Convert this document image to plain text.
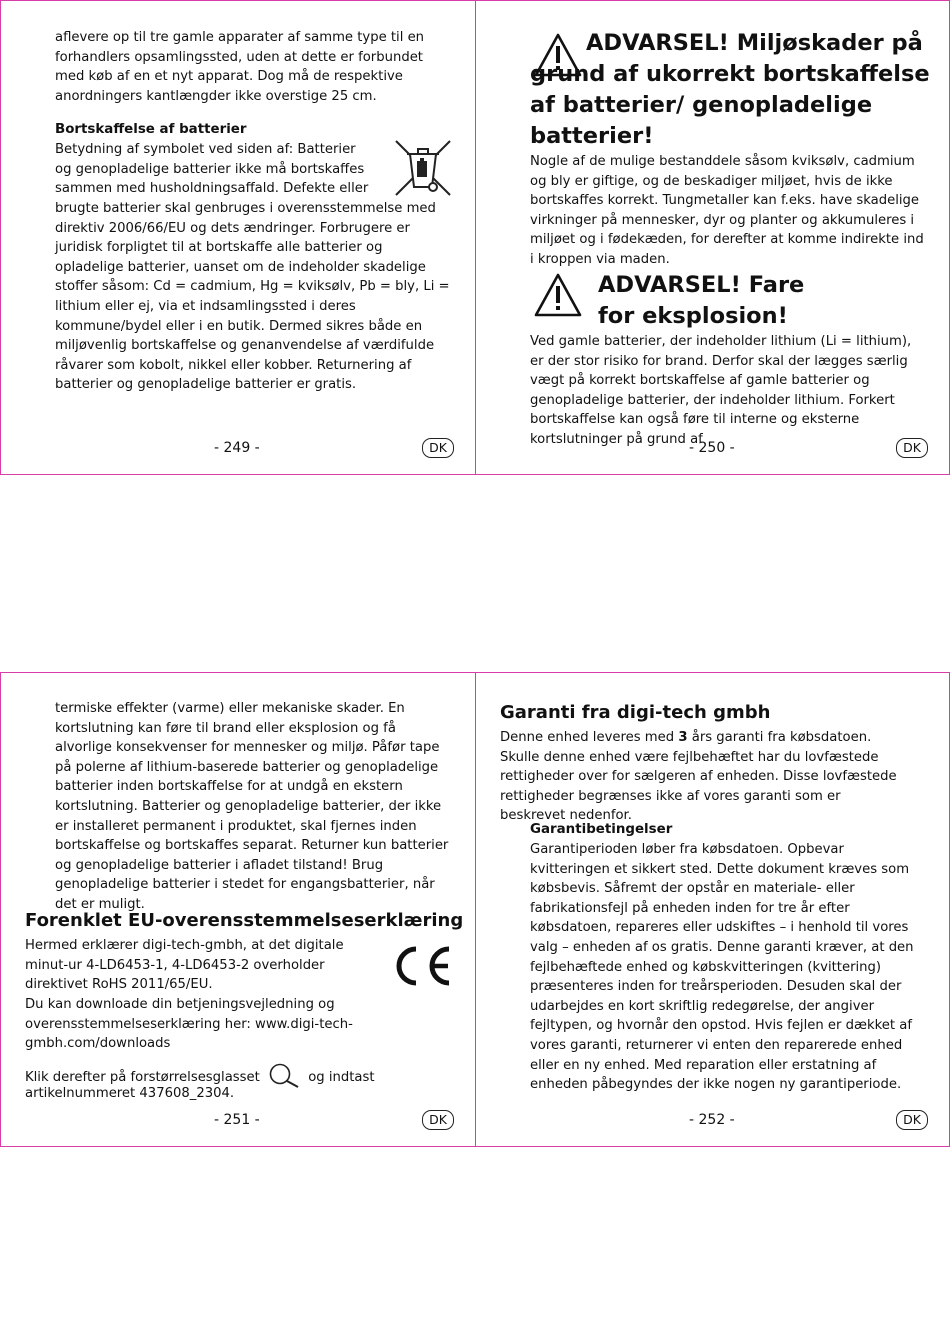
aflevere op til tre gamle apparater af samme type til en forhandlers opsamlingssted, uden at dette er forbundet med køb af en et nyt apparat. Dog må de respektive anordningers kantlængder ikke overstige 25 cm.

Bortskaffelse af batterier

Betydning af symbolet ved siden af: Batterier og genopladelige batterier ikke må bortskaffes sammen med husholdningsaffald. Defekte eller

brugte batterier skal genbruges i overensstemmelse med direktiv 2006/66/EU og dets ændringer. Forbrugere er juridisk forpligtet til at bortskaffe alle batterier og opladelige batterier, uanset om de indeholder skadelige stoffer såsom: Cd = cadmium, Hg = kviksølv, Pb = bly, Li = lithium eller ej, via et indsamlingssted i deres kommune/bydel eller i en butik. Dermed sikres både en miljøvenlig bortskaffelse og genanvendelse af værdifulde råvarer som kobolt, nikkel eller kobber. Returnering af batterier og genopladelige batterier er gratis.

- 249 -	DK
ADVARSEL! Miljøskader på grund af ukorrekt bortskaffelse af batterier/ genopladelige batterier!

Nogle af de mulige bestanddele såsom kviksølv, cadmium og bly er giftige, og de beskadiger miljøet, hvis de ikke bortskaffes korrekt. Tungmetaller kan f.eks. have skadelige virkninger på mennesker, dyr og planter og akkumuleres i miljøet og i fødekæden, for derefter at komme indirekte ind i kroppen via maden.

ADVARSEL! Fare for eksplosion!

Ved gamle batterier, der indeholder lithium (Li = lithium), er der stor risiko for brand. Derfor skal der lægges særlig vægt på korrekt bortskaffelse af gamle batterier og genopladelige batterier, der indeholder lithium. Forkert bortskaffelse kan også føre til interne og eksterne kortslutninger på grund af

- 250 -	DK

termiske effekter (varme) eller mekaniske skader. En kortslutning kan føre til brand eller eksplosion og få alvorlige konsekvenser for mennesker og miljø. Påfør tape på polerne af lithium-baserede batterier og genopladelige batterier inden bortskaffelse for at undgå en ekstern kortslutning. Batterier og genopladelige batterier, der ikke er installeret permanent i produktet, skal fjernes inden bortskaffelse og bortskaffes separat. Returner kun batterier og genopladelige batterier i afladet tilstand! Brug genopladelige batterier i stedet for engangsbatterier, når det er muligt.

Forenklet EU-overensstemmelseserklæring

Hermed erklærer digi-tech-gmbh, at det digitale minut-ur 4-LD6453-1, 4-LD6453-2 overholder direktivet RoHS 2011/65/EU.

Du kan downloade din betjeningsvejledning og overensstemmelseserklæring her: www.digi-tech-gmbh.com/downloads

Klik derefter på forstørrelsesglasset	og indtast

artikelnummeret 437608_2304.

- 251 -	DK
Garanti fra digi-tech gmbh

Denne enhed leveres med 3 års garanti fra købsdatoen. Skulle denne enhed være fejlbehæftet har du lovfæstede rettigheder over for sælgeren af enheden. Disse lovfæstede rettigheder begrænses ikke af vores garanti som er beskrevet nedenfor.

Garantibetingelser

Garantiperioden løber fra købsdatoen. Opbevar kvitteringen et sikkert sted. Dette dokument kræves som købsbevis. Såfremt der opstår en materiale- eller fabrikationsfejl på enheden inden for tre år efter købsdatoen, repareres eller udskiftes – i henhold til vores valg – enheden af os gratis. Denne garanti kræver, at den fejlbehæftede enhed og købskvitteringen (kvittering) præsenteres inden for treårsperioden. Desuden skal der udarbejdes en kort skriftlig redegørelse, der angiver fejltypen, og hvornår den opstod. Hvis fejlen er dækket af vores garanti, returnerer vi enten den reparerede enhed eller en ny enhed. Med reparation eller erstatning af enheden påbegyndes der ikke nogen ny garantiperiode.

- 252 -	DK
